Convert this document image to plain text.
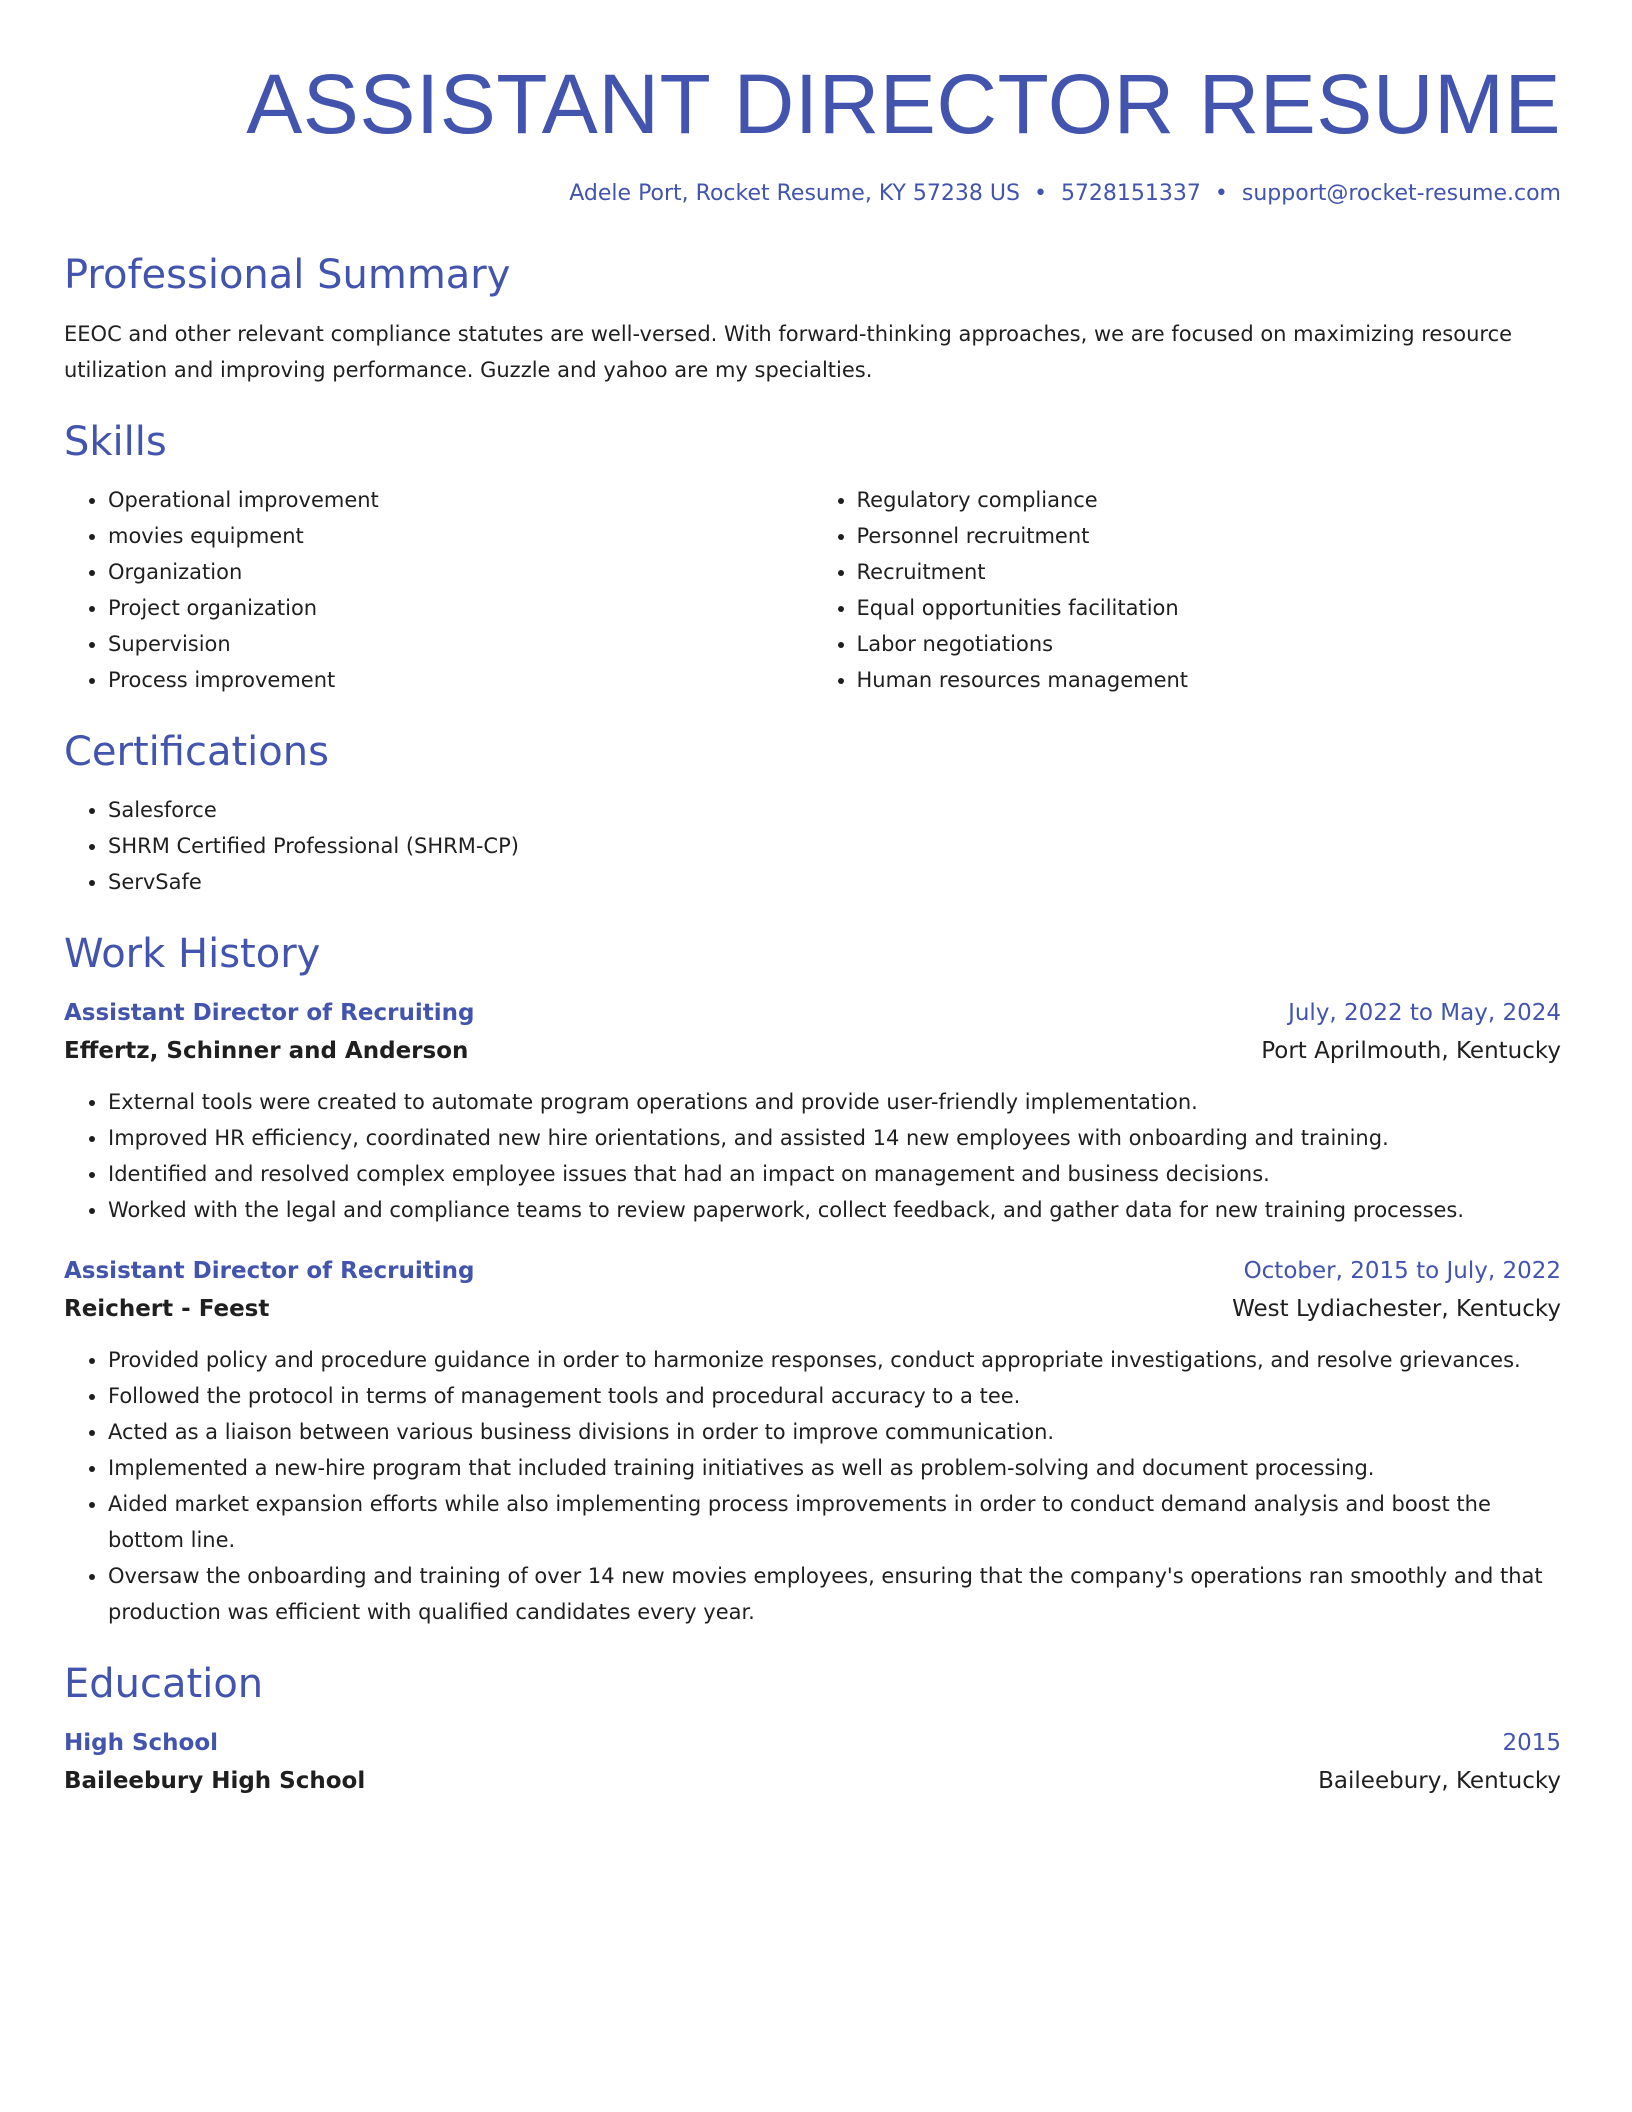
ASSISTANT DIRECTOR RESUME
Adele Port, Rocket Resume, KY 57238 US • 5728151337 • support@rocket-resume.com
Professional Summary

EEOC and other relevant compliance statutes are well-versed. With forward-thinking approaches, we are focused on maximizing resource utilization and improving performance. Guzzle and yahoo are my specialties.

Skills
• Operational improvement
• movies equipment
• Organization
• Project organization
• Supervision
• Process improvement
• Regulatory compliance
• Personnel recruitment
• Recruitment
• Equal opportunities facilitation
• Labor negotiations
• Human resources management
Certifications
• Salesforce
• SHRM Certified Professional (SHRM-CP)
• ServSafe
Work History
Assistant Director of Recruiting	July, 2022 to May, 2024
Effertz, Schinner and Anderson	Port Aprilmouth, Kentucky
• External tools were created to automate program operations and provide user-friendly implementation.
• Improved HR efficiency, coordinated new hire orientations, and assisted 14 new employees with onboarding and training.
• Identified and resolved complex employee issues that had an impact on management and business decisions.
• Worked with the legal and compliance teams to review paperwork, collect feedback, and gather data for new training processes.
Assistant Director of Recruiting	October, 2015 to July, 2022
Reichert - Feest	West Lydiachester, Kentucky
• Provided policy and procedure guidance in order to harmonize responses, conduct appropriate investigations, and resolve grievances.
• Followed the protocol in terms of management tools and procedural accuracy to a tee.
• Acted as a liaison between various business divisions in order to improve communication.
• Implemented a new-hire program that included training initiatives as well as problem-solving and document processing.
• Aided market expansion efforts while also implementing process improvements in order to conduct demand analysis and boost the bottom line.
• Oversaw the onboarding and training of over 14 new movies employees, ensuring that the company's operations ran smoothly and that production was efficient with qualified candidates every year.
Education
High School	2015
Baileebury High School	Baileebury, Kentucky
